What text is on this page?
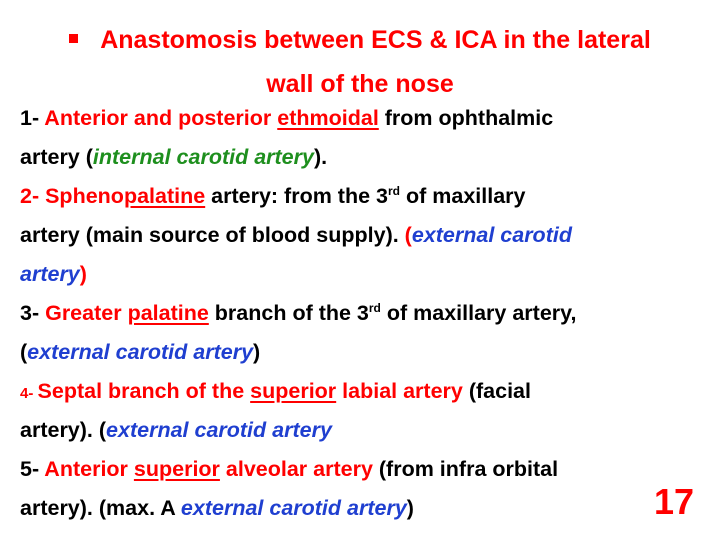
Anastomosis between ECS & ICA in the lateral
wall of the nose
1- Anterior and posterior ethmoidal from ophthalmic
artery (internal carotid artery).
2- Sphenopalatine artery: from the 3rd of maxillary
artery (main source of blood supply). (external carotid
artery)
3- Greater palatine branch of the 3rd of maxillary artery,
(external carotid artery)
4- Septal branch of the superior labial artery (facial
artery). (external carotid artery
5- Anterior superior alveolar artery (from infra orbital
artery). (max. A external carotid artery)	17
